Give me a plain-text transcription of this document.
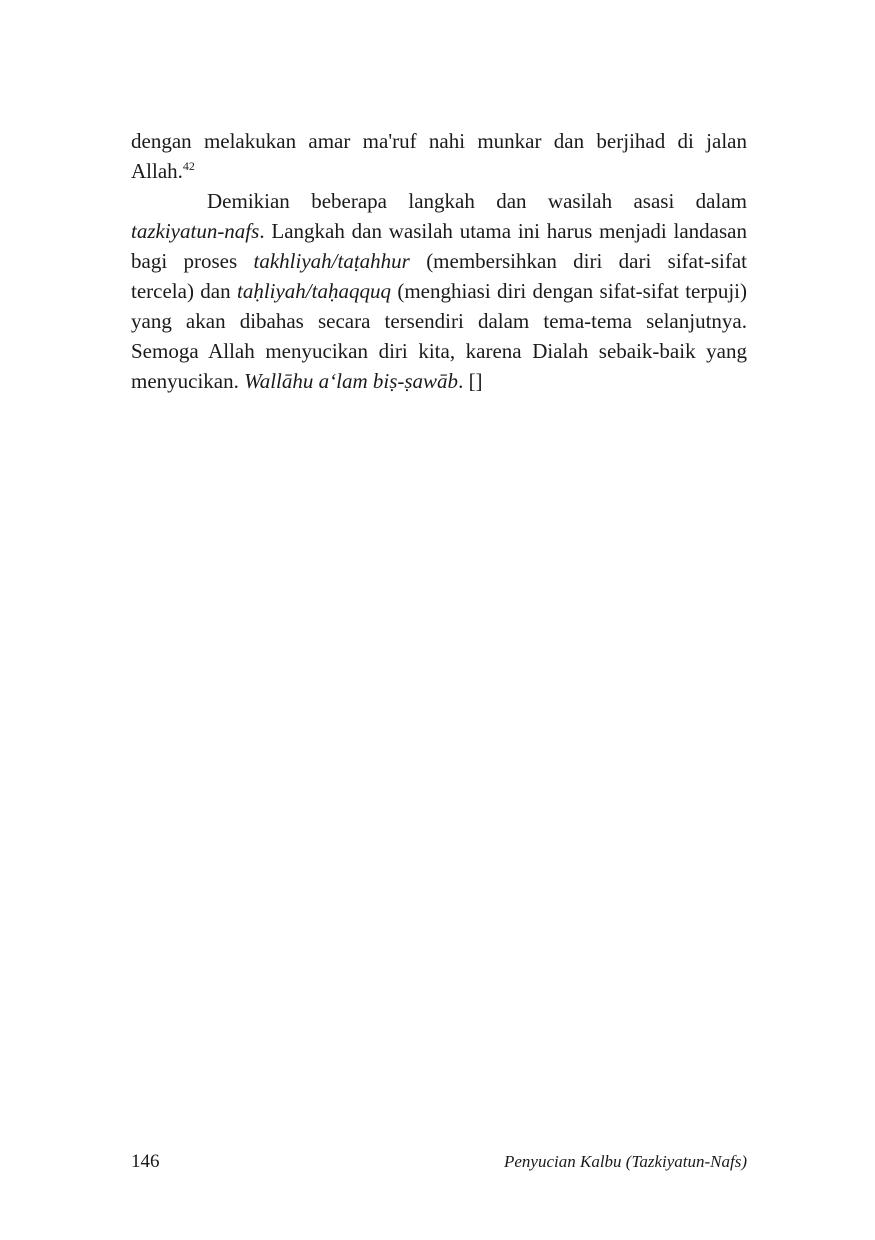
dengan melakukan amar ma'ruf nahi munkar dan berjihad di jalan Allah.$^{42}$

Demikian beberapa langkah dan wasilah asasi dalam tazkiyatun-nafs. Langkah dan wasilah utama ini harus menjadi landasan bagi proses takhliyah/taṭahhur (membersihkan diri dari sifat-sifat tercela) dan taḥliyah/taḥaqquq (menghiasi diri dengan sifat-sifat terpuji) yang akan dibahas secara tersendiri dalam tema-tema selanjutnya. Semoga Allah menyucikan diri kita, karena Dialah sebaik-baik yang menyucikan. Wallāhu a‘lam biṣ-ṣawāb. []

146	Penyucian Kalbu (Tazkiyatun-Nafs)
